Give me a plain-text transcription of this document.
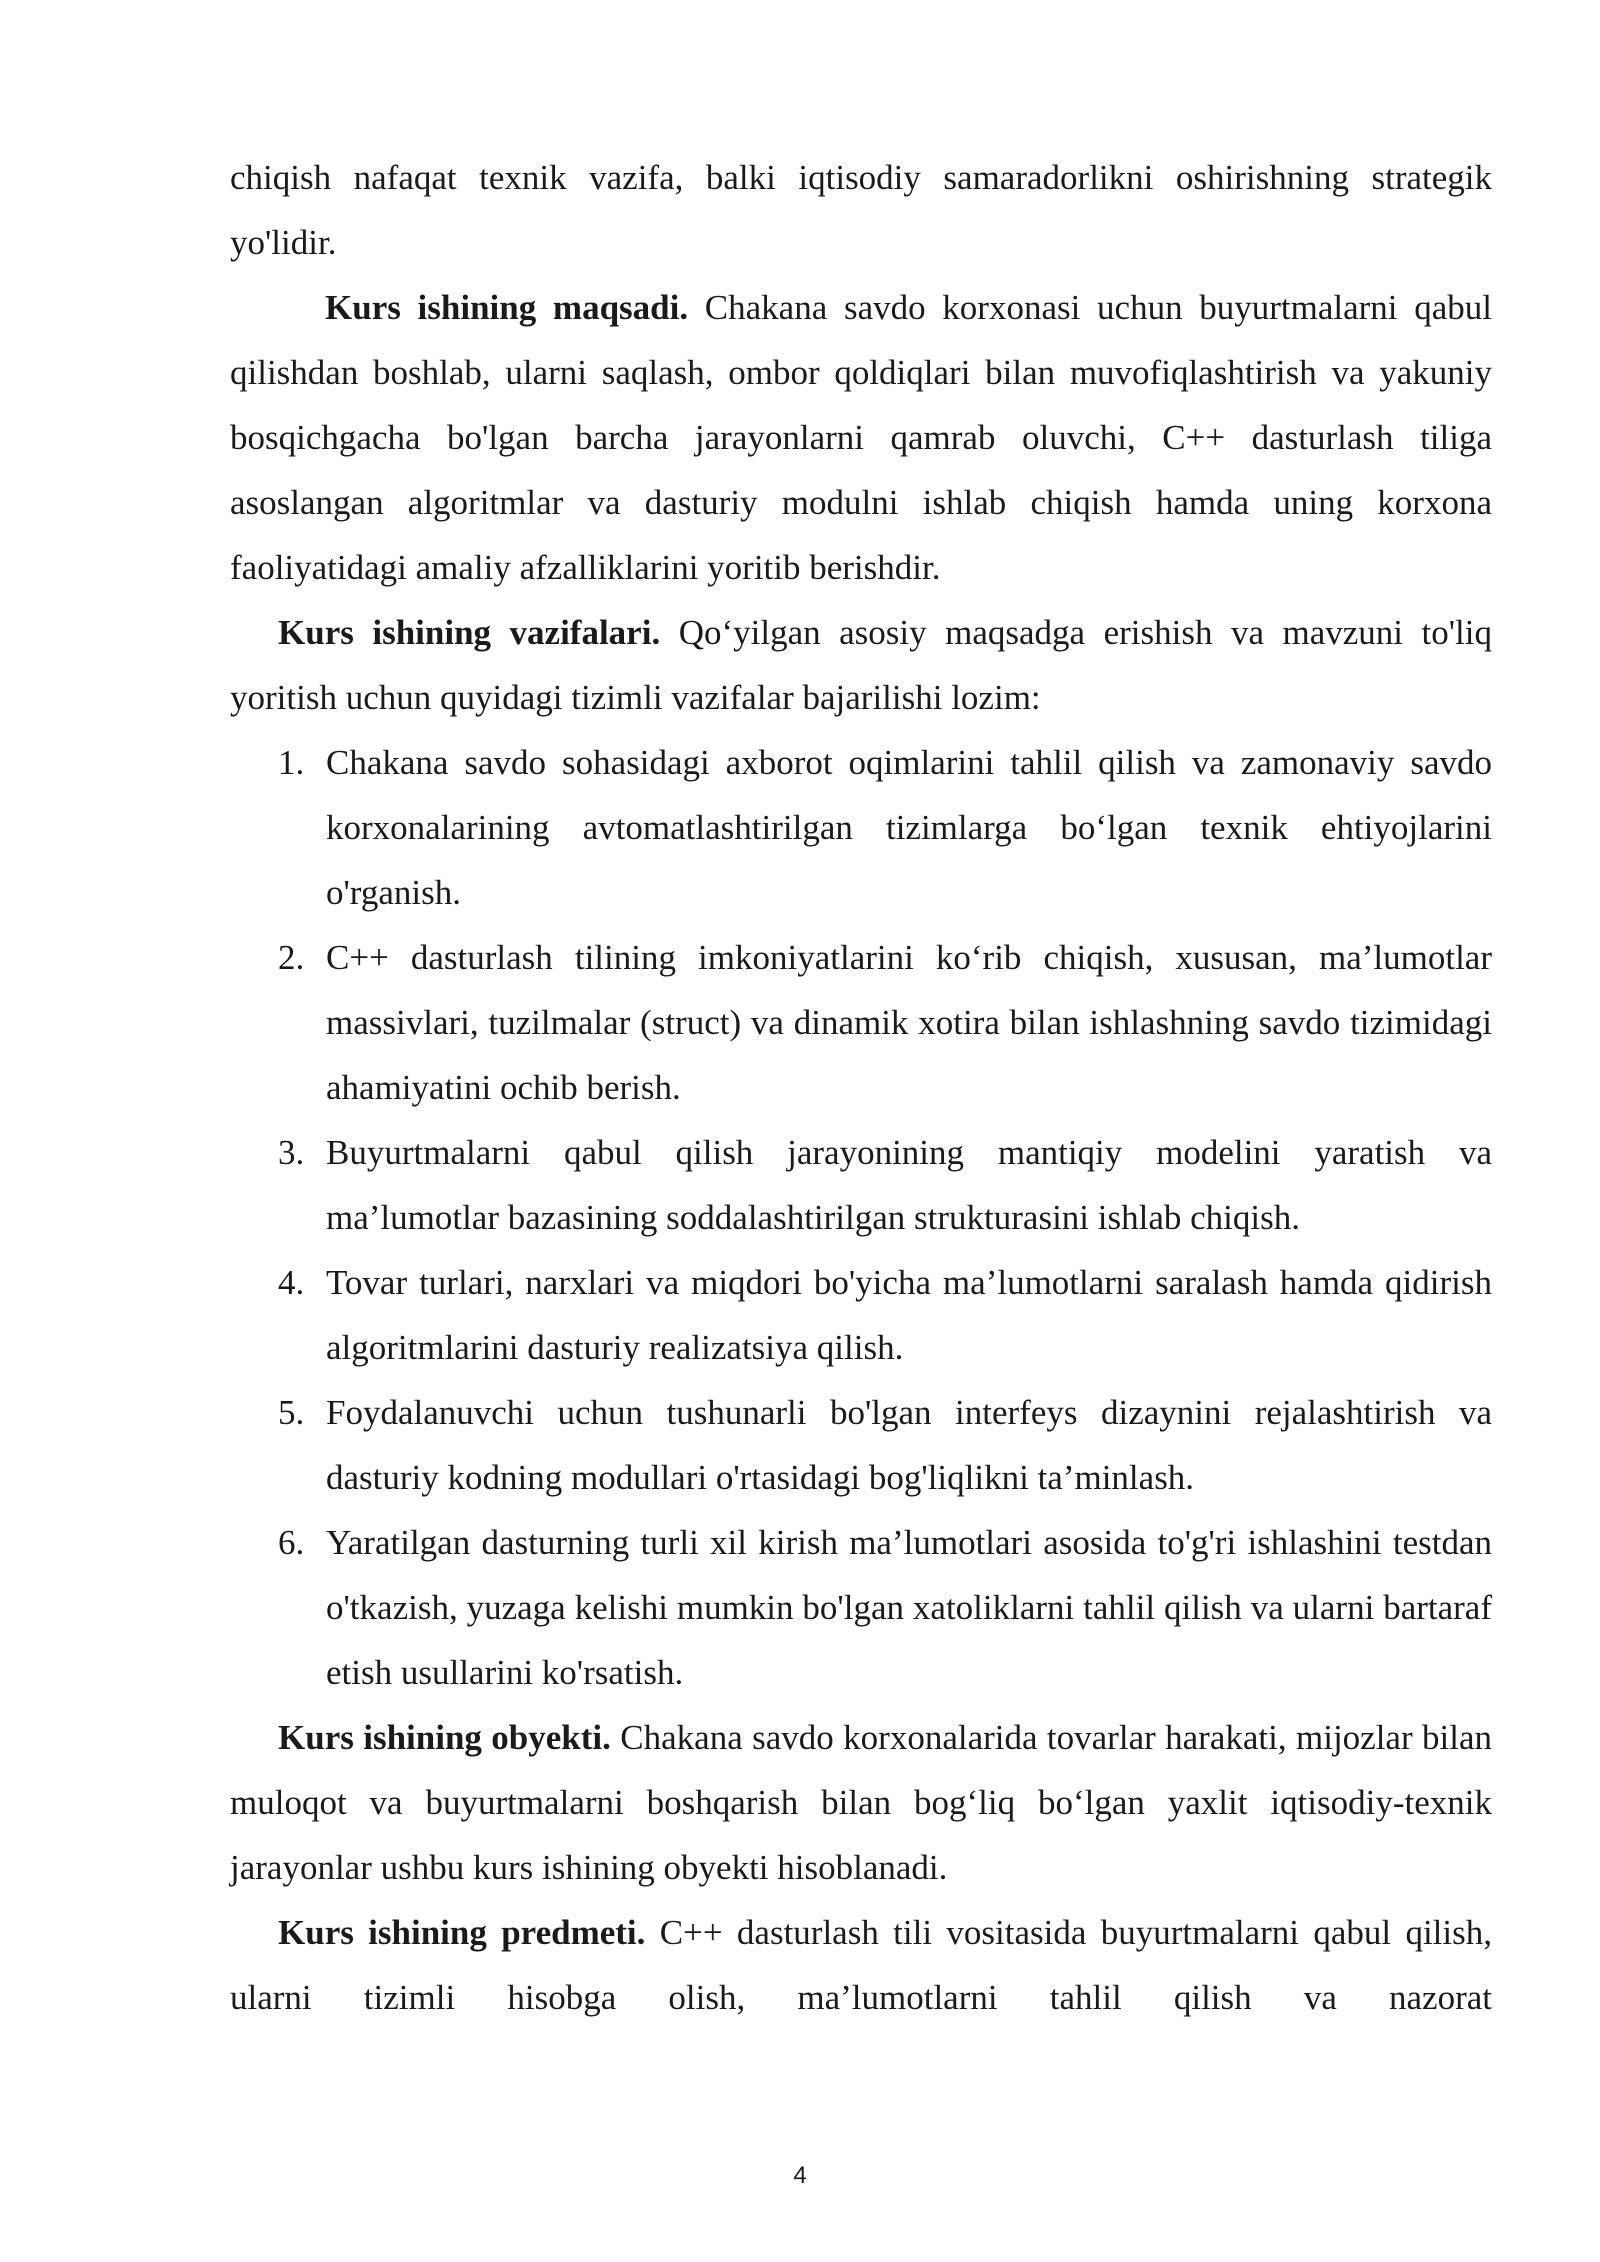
chiqish nafaqat texnik vazifa, balki iqtisodiy samaradorlikni oshirishning strategik yo'lidir.

Kurs ishining maqsadi. Chakana savdo korxonasi uchun buyurtmalarni qabul qilishdan boshlab, ularni saqlash, ombor qoldiqlari bilan muvofiqlashtirish va yakuniy bosqichgacha bo'lgan barcha jarayonlarni qamrab oluvchi, C++ dasturlash tiliga asoslangan algoritmlar va dasturiy modulni ishlab chiqish hamda uning korxona faoliyatidagi amaliy afzalliklarini yoritib berishdir.

Kurs ishining vazifalari. Qo‘yilgan asosiy maqsadga erishish va mavzuni to'liq yoritish uchun quyidagi tizimli vazifalar bajarilishi lozim:

1. Chakana savdo sohasidagi axborot oqimlarini tahlil qilish va zamonaviy savdo korxonalarining avtomatlashtirilgan tizimlarga bo‘lgan texnik ehtiyojlarini o'rganish.
2. C++ dasturlash tilining imkoniyatlarini ko‘rib chiqish, xususan, ma’lumotlar massivlari, tuzilmalar (struct) va dinamik xotira bilan ishlashning savdo tizimidagi ahamiyatini ochib berish.
3. Buyurtmalarni qabul qilish jarayonining mantiqiy modelini yaratish va ma’lumotlar bazasining soddalashtirilgan strukturasini ishlab chiqish.
4. Tovar turlari, narxlari va miqdori bo'yicha ma’lumotlarni saralash hamda qidirish algoritmlarini dasturiy realizatsiya qilish.
5. Foydalanuvchi uchun tushunarli bo'lgan interfeys dizaynini rejalashtirish va dasturiy kodning modullari o'rtasidagi bog'liqlikni ta’minlash.
6. Yaratilgan dasturning turli xil kirish ma’lumotlari asosida to'g'ri ishlashini testdan o'tkazish, yuzaga kelishi mumkin bo'lgan xatoliklarni tahlil qilish va ularni bartaraf etish usullarini ko'rsatish.

Kurs ishining obyekti. Chakana savdo korxonalarida tovarlar harakati, mijozlar bilan muloqot va buyurtmalarni boshqarish bilan bog‘liq bo‘lgan yaxlit iqtisodiy-texnik jarayonlar ushbu kurs ishining obyekti hisoblanadi.

Kurs ishining predmeti. C++ dasturlash tili vositasida buyurtmalarni qabul qilish, ularni tizimli hisobga olish, ma’lumotlarni tahlil qilish va nazorat

4
